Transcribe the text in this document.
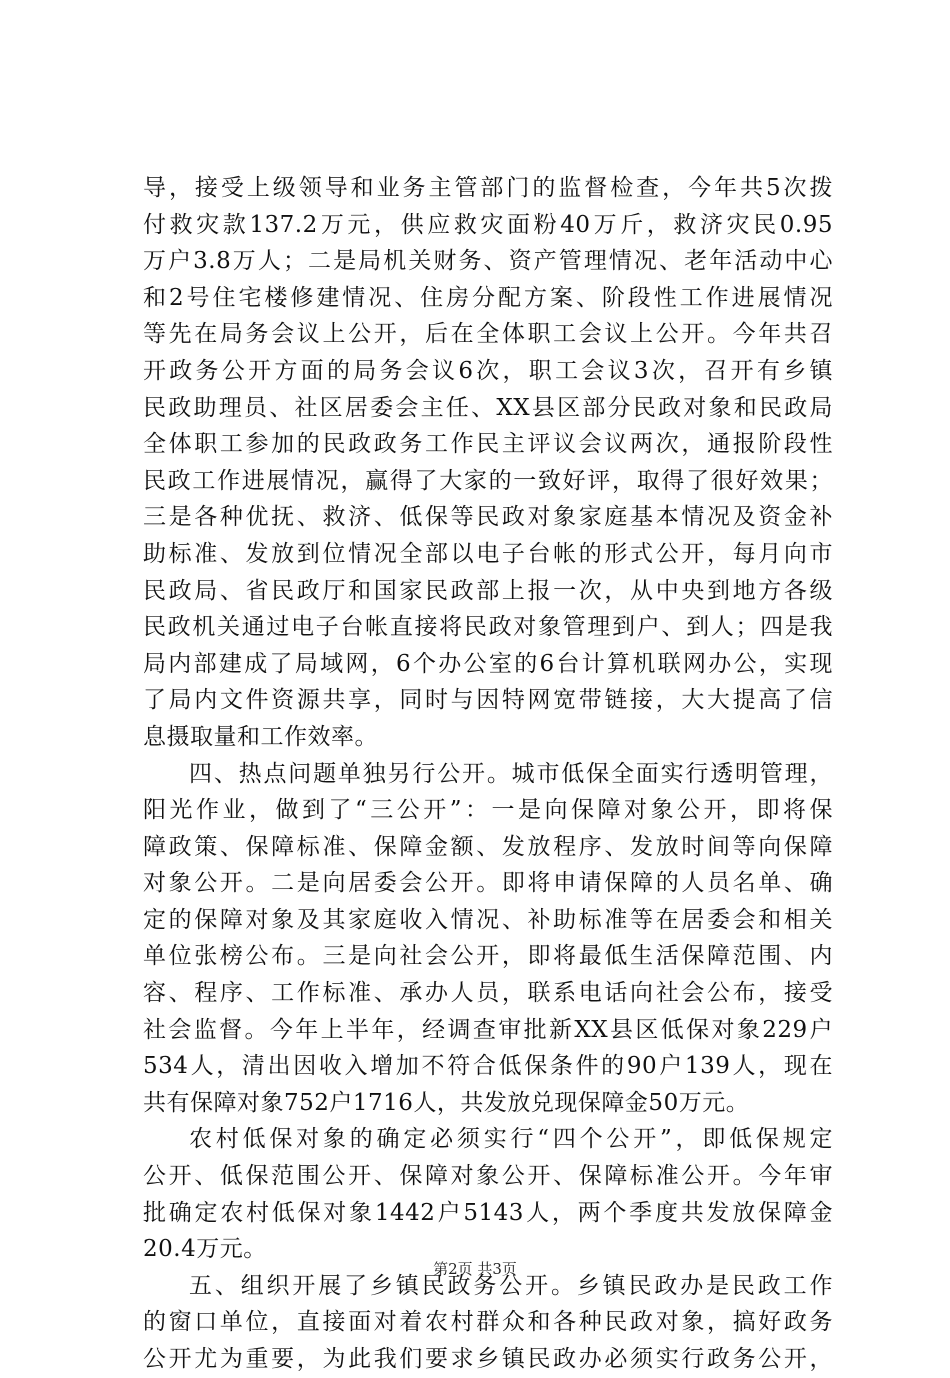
导，接受上级领导和业务主管部门的监督检查，今年共5次拨
付救灾款137.2万元，供应救灾面粉40万斤，救济灾民0.95
万户3.8万人；二是局机关财务、资产管理情况、老年活动中心
和2号住宅楼修建情况、住房分配方案、阶段性工作进展情况
等先在局务会议上公开，后在全体职工会议上公开。今年共召
开政务公开方面的局务会议6次，职工会议3次，召开有乡镇
民政助理员、社区居委会主任、XX县区部分民政对象和民政局
全体职工参加的民政政务工作民主评议会议两次，通报阶段性
民政工作进展情况，赢得了大家的一致好评，取得了很好效果；
三是各种优抚、救济、低保等民政对象家庭基本情况及资金补
助标准、发放到位情况全部以电子台帐的形式公开，每月向市
民政局、省民政厅和国家民政部上报一次，从中央到地方各级
民政机关通过电子台帐直接将民政对象管理到户、到人；四是我
局内部建成了局域网，6个办公室的6台计算机联网办公，实现
了局内文件资源共享，同时与因特网宽带链接，大大提高了信
息摄取量和工作效率。
四、热点问题单独另行公开。城市低保全面实行透明管理，
阳光作业，做到了“三公开”：一是向保障对象公开，即将保
障政策、保障标准、保障金额、发放程序、发放时间等向保障
对象公开。二是向居委会公开。即将申请保障的人员名单、确
定的保障对象及其家庭收入情况、补助标准等在居委会和相关
单位张榜公布。三是向社会公开，即将最低生活保障范围、内
容、程序、工作标准、承办人员，联系电话向社会公布，接受
社会监督。今年上半年，经调查审批新XX县区低保对象229户
534人，清出因收入增加不符合低保条件的90户139人，现在
共有保障对象752户1716人，共发放兑现保障金50万元。
农村低保对象的确定必须实行“四个公开”，即低保规定
公开、低保范围公开、保障对象公开、保障标准公开。今年审
批确定农村低保对象1442户5143人，两个季度共发放保障金
20.4万元。
五、组织开展了乡镇民政务公开。乡镇民政办是民政工作
的窗口单位，直接面对着农村群众和各种民政对象，搞好政务
公开尤为重要，为此我们要求乡镇民政办必须实行政务公开，
第2页 共3页
